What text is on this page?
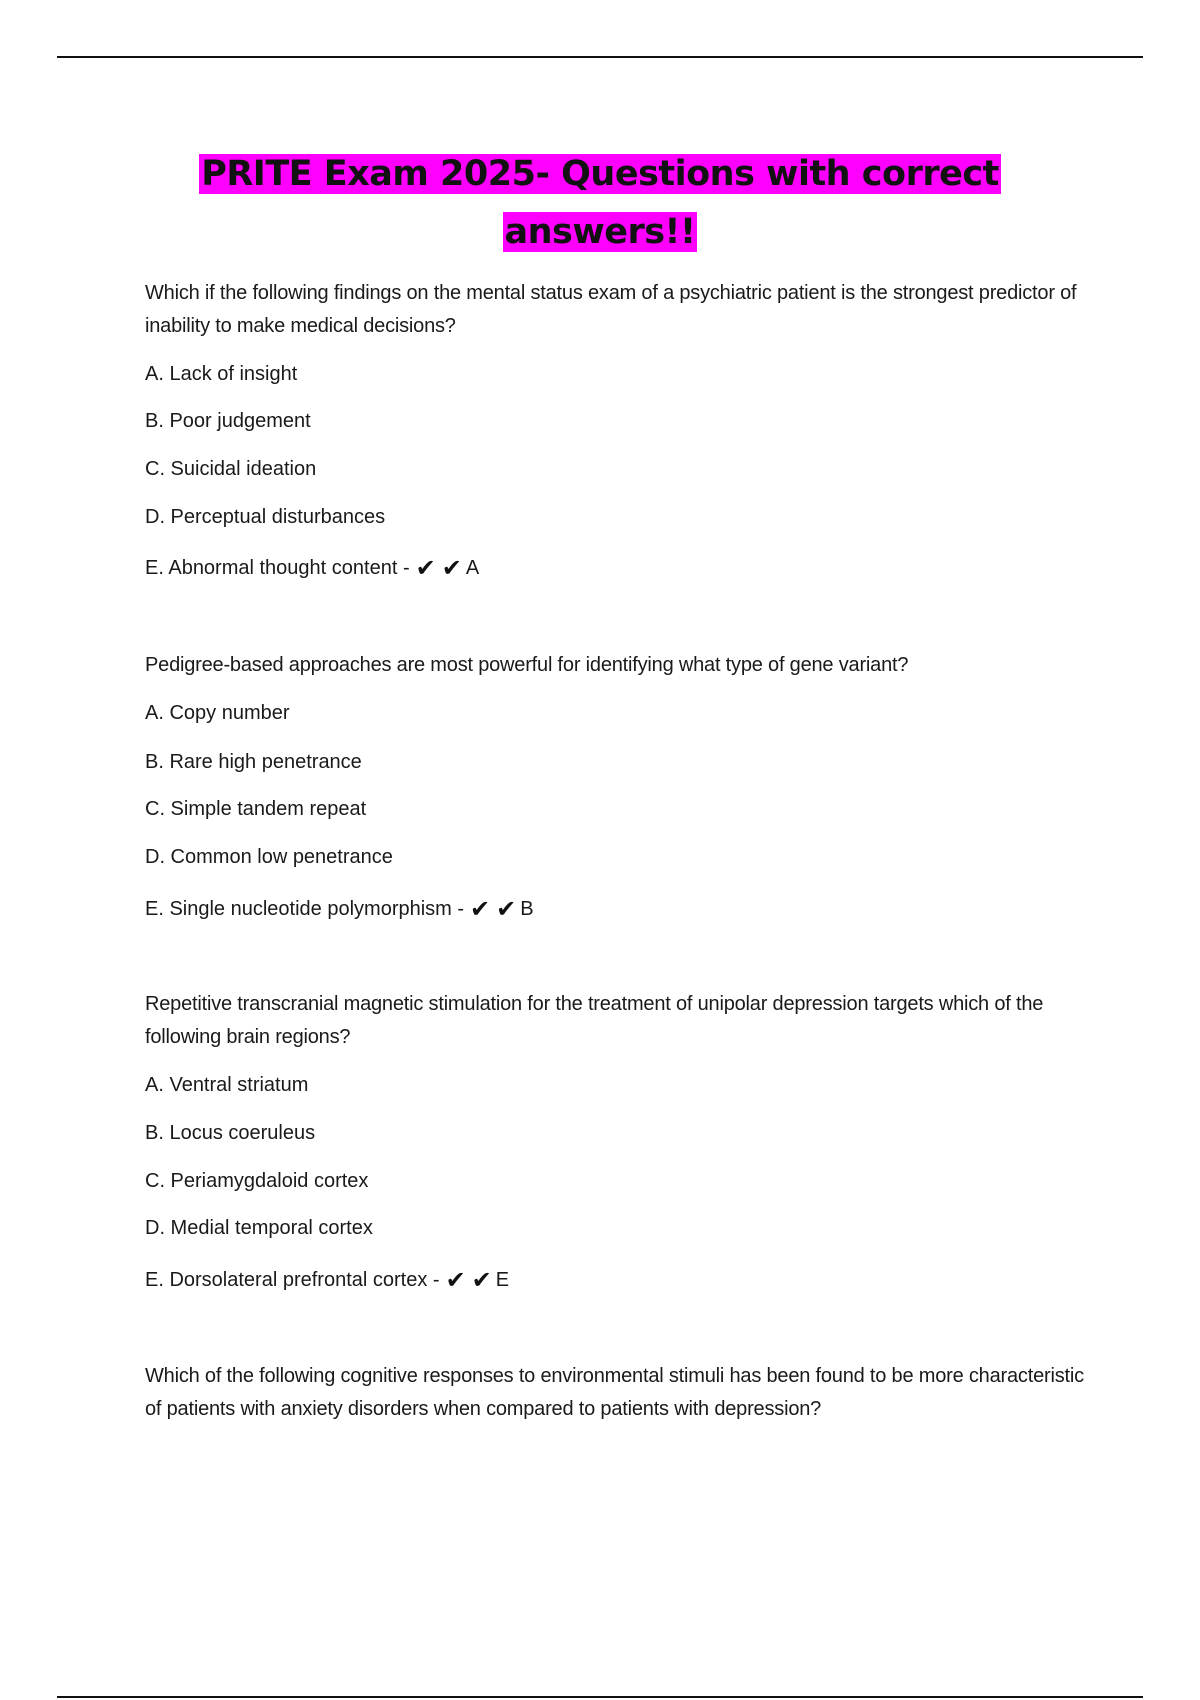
PRITE Exam 2025- Questions with correct
answers!!
Which if the following findings on the mental status exam of a psychiatric patient is the strongest predictor of inability to make medical decisions?
A. Lack of insight
B. Poor judgement
C. Suicidal ideation
D. Perceptual disturbances
E. Abnormal thought content - ✔ ✔ A
Pedigree-based approaches are most powerful for identifying what type of gene variant?
A. Copy number
B. Rare high penetrance
C. Simple tandem repeat
D. Common low penetrance
E. Single nucleotide polymorphism - ✔ ✔ B
Repetitive transcranial magnetic stimulation for the treatment of unipolar depression targets which of the following brain regions?
A. Ventral striatum
B. Locus coeruleus
C. Periamygdaloid cortex
D. Medial temporal cortex
E. Dorsolateral prefrontal cortex - ✔ ✔ E
Which of the following cognitive responses to environmental stimuli has been found to be more characteristic of patients with anxiety disorders when compared to patients with depression?
